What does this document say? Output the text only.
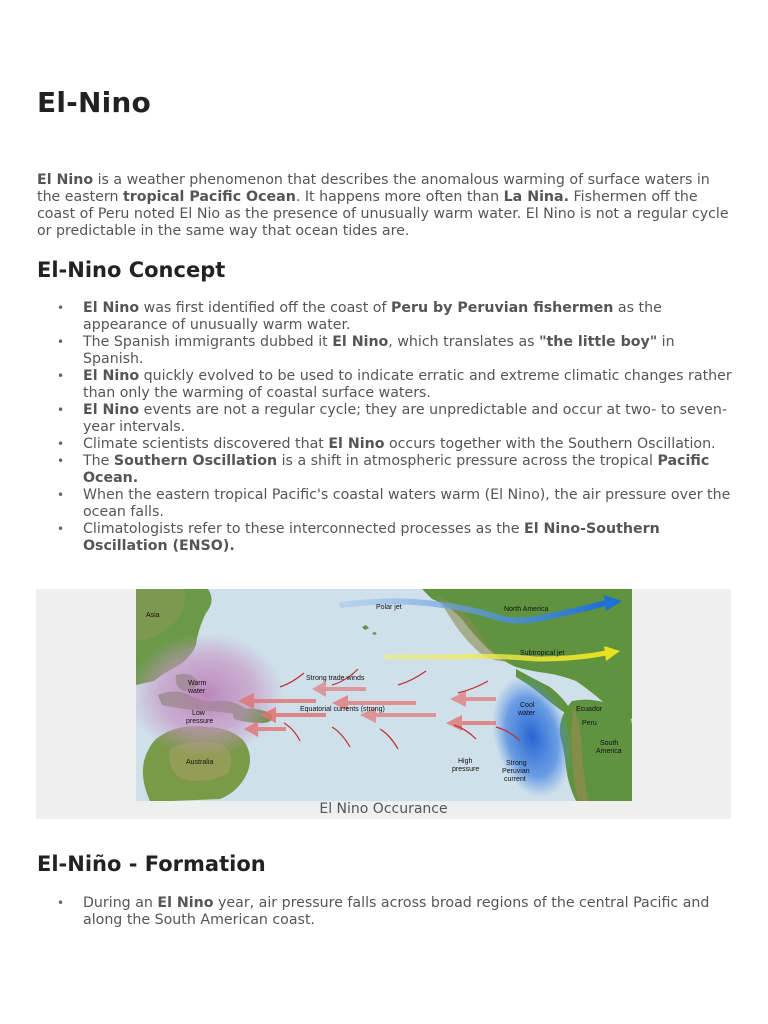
El-Nino

El Nino is a weather phenomenon that describes the anomalous warming of surface waters in the eastern tropical Pacific Ocean. It happens more often than La Nina. Fishermen off the coast of Peru noted El Nio as the presence of unusually warm water. El Nino is not a regular cycle or predictable in the same way that ocean tides are.

El-Nino Concept
• El Nino was first identified off the coast of Peru by Peruvian fishermen as the appearance of unusually warm water.
• The Spanish immigrants dubbed it El Nino, which translates as "the little boy" in Spanish.
• El Nino quickly evolved to be used to indicate erratic and extreme climatic changes rather than only the warming of coastal surface waters.
• El Nino events are not a regular cycle; they are unpredictable and occur at two- to seven-year intervals.
• Climate scientists discovered that El Nino occurs together with the Southern Oscillation.
• The Southern Oscillation is a shift in atmospheric pressure across the tropical Pacific Ocean.
• When the eastern tropical Pacific's coastal waters warm (El Nino), the air pressure over the ocean falls.
• Climatologists refer to these interconnected processes as the El Nino-Southern Oscillation (ENSO).
Asia
Polar jet	North America
Subtropical jet
Strong trade winds
Warm water
Low pressure
Equatorial currents (strong)
Cool water
Ecuador
Peru
South America
Australia	High pressure
Strong Peruvian current
El Nino Occurance
El-Niño - Formation
• During an El Nino year, air pressure falls across broad regions of the central Pacific and along the South American coast.
